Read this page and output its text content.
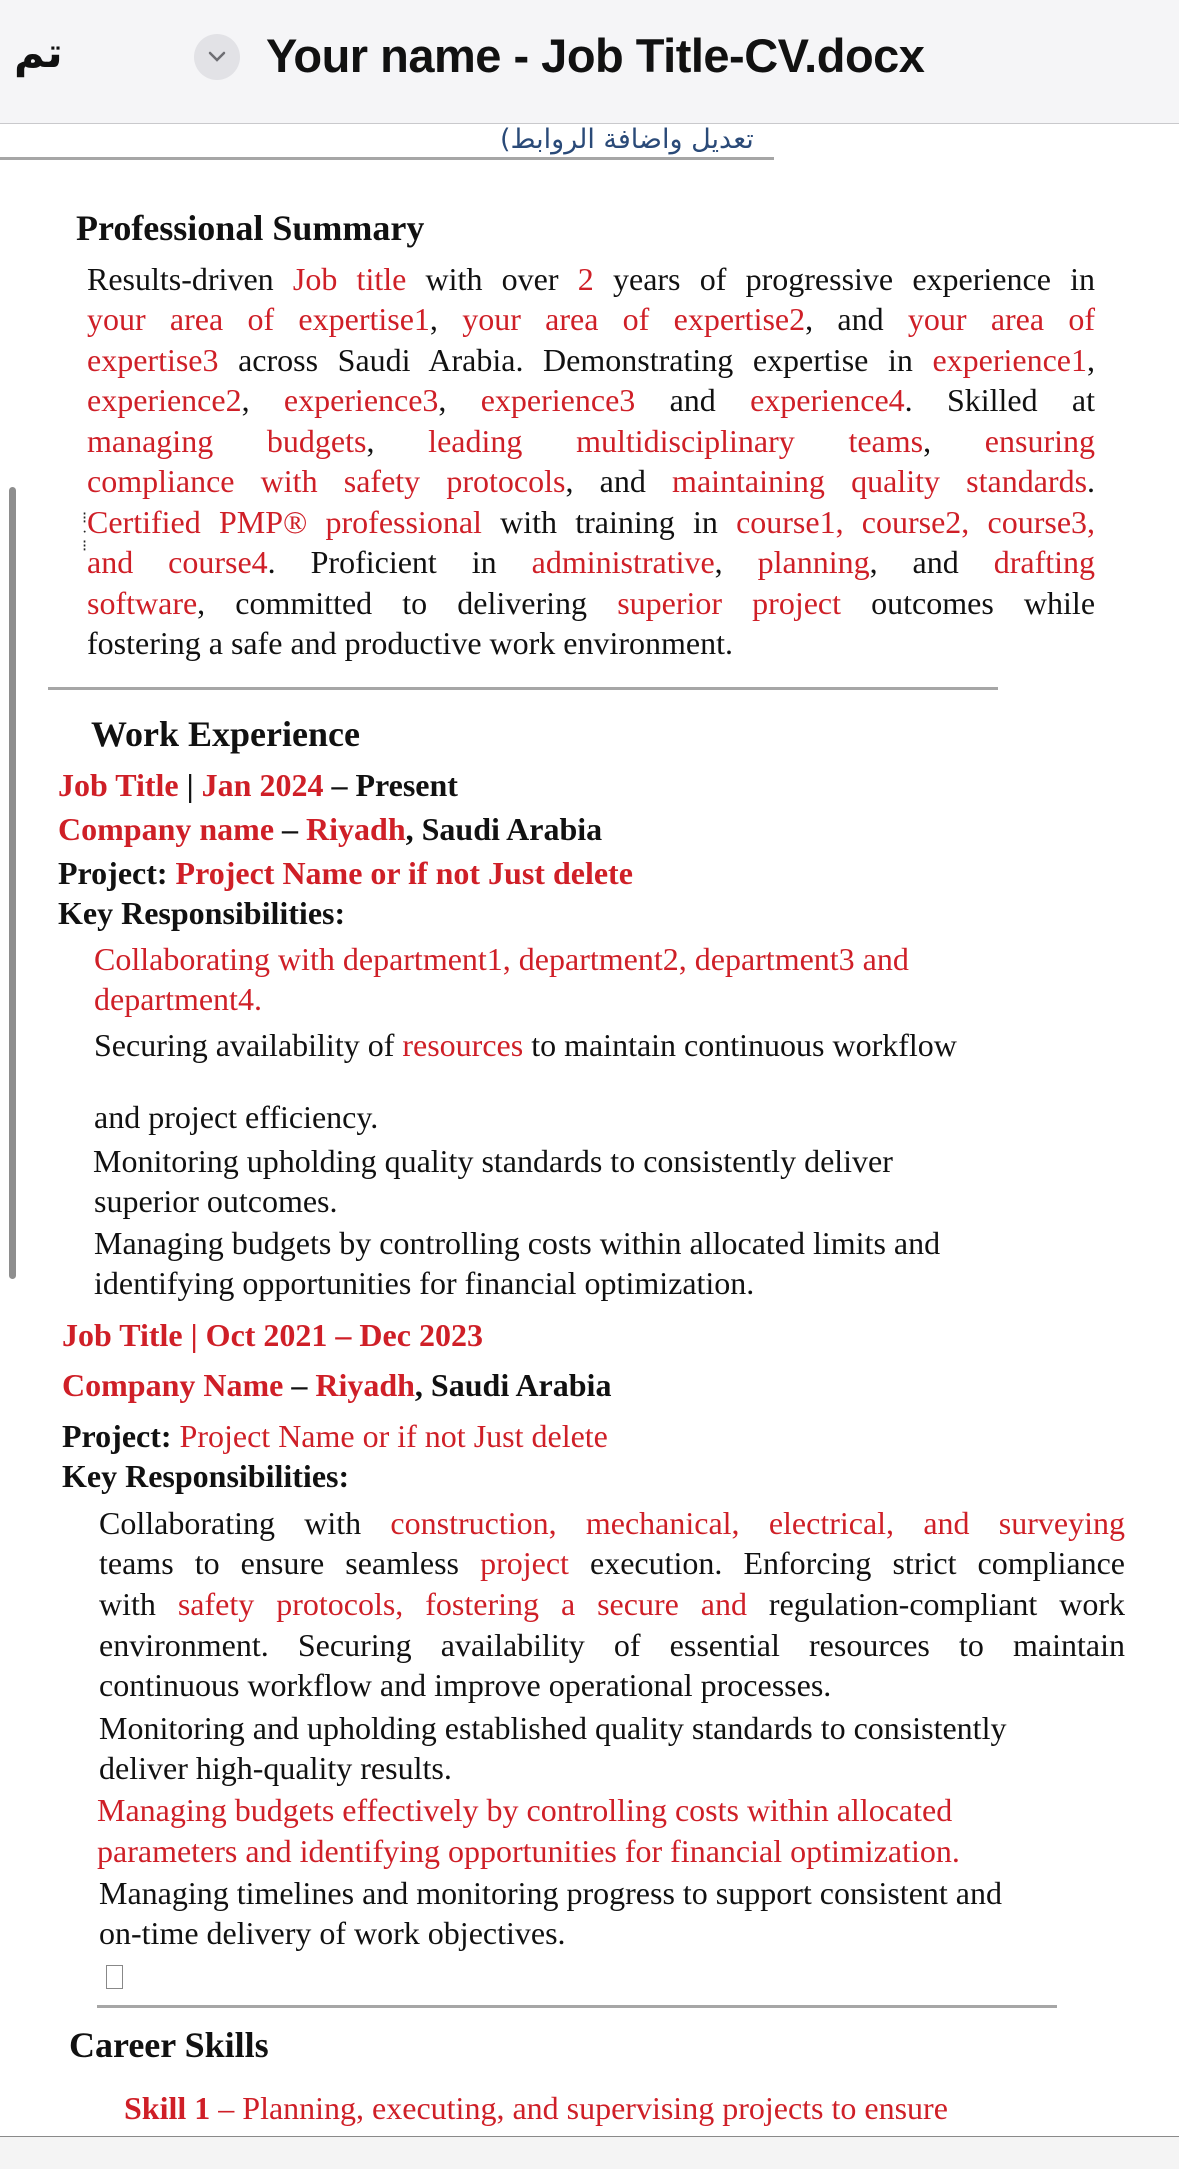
تم	Your name - Job Title-CV.docx
تعديل واضافة الروابط)
Professional Summary
Work Experience
Career Skills
Results-driven Job title with over 2 years of progressive experience in
your area of expertise1, your area of expertise2, and your area of
expertise3 across Saudi Arabia. Demonstrating expertise in experience1,
experience2, experience3, experience3 and experience4. Skilled at
managing budgets, leading multidisciplinary teams, ensuring
compliance with safety protocols, and maintaining quality standards.
Certified PMP® professional with training in course1, course2, course3,
and course4. Proficient in administrative, planning, and drafting
software, committed to delivering superior project outcomes while
fostering a safe and productive work environment.
Job Title | Jan 2024 – Present
Company name – Riyadh, Saudi Arabia
Project: Project Name or if not Just delete
Key Responsibilities:
Collaborating with department1, department2, department3 and
department4.
Securing availability of resources to maintain continuous workflow
and project efficiency.
Monitoring upholding quality standards to consistently deliver
superior outcomes.
Managing budgets by controlling costs within allocated limits and
identifying opportunities for financial optimization.
Job Title | Oct 2021 – Dec 2023
Company Name – Riyadh, Saudi Arabia
Project: Project Name or if not Just delete
Key Responsibilities:
Collaborating with construction, mechanical, electrical, and surveying
teams to ensure seamless project execution. Enforcing strict compliance
with safety protocols, fostering a secure and regulation-compliant work
environment. Securing availability of essential resources to maintain
continuous workflow and improve operational processes.
Monitoring and upholding established quality standards to consistently
deliver high-quality results.
Managing budgets effectively by controlling costs within allocated
parameters and identifying opportunities for financial optimization.
Managing timelines and monitoring progress to support consistent and
on-time delivery of work objectives.
Skill 1 – Planning, executing, and supervising projects to ensure
⁝
·
⁝
